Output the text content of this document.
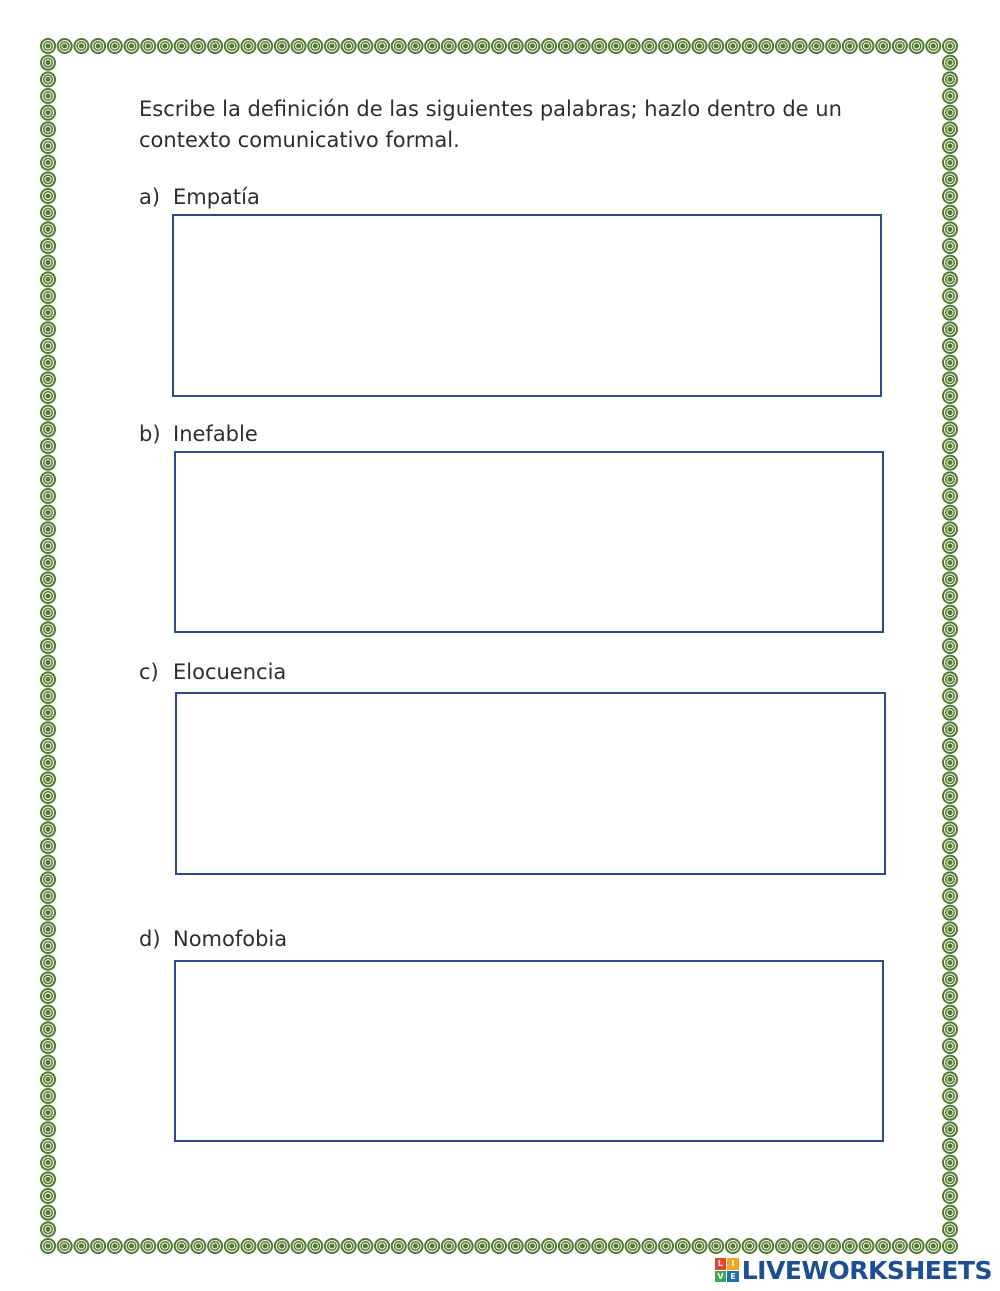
Escribe la definición de las siguientes palabras; hazlo dentro de un contexto comunicativo formal.

a) Empatía
b) Inefable
c) Elocuencia
d) Nomofobia
L	I
V E LIVEWORKSHEETS
